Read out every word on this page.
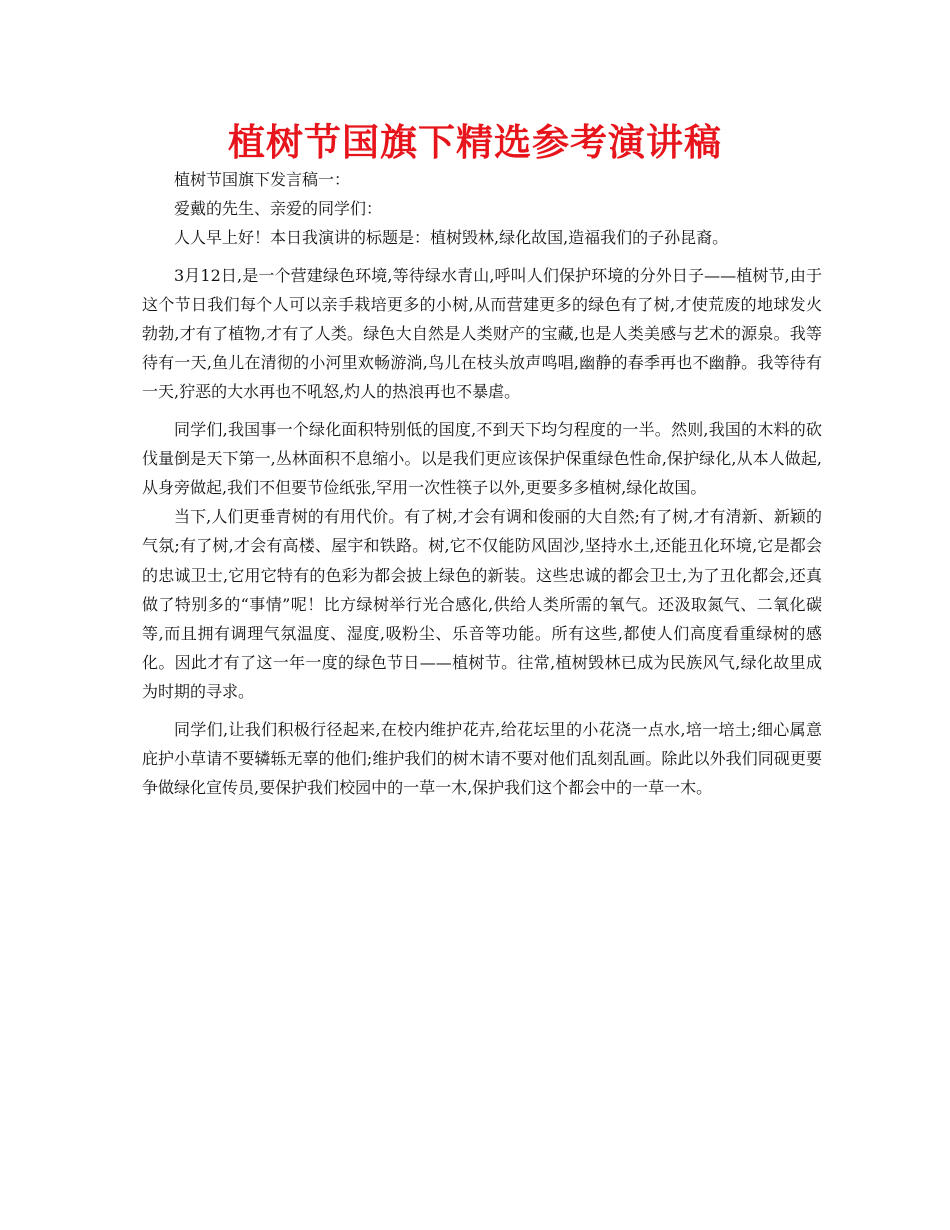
植树节国旗下精选参考演讲稿

植树节国旗下发言稿一：

爱戴的先生、亲爱的同学们：

人人早上好！本日我演讲的标题是：植树毁林,绿化故国,造福我们的子孙昆裔。

3月12日,是一个营建绿色环境,等待绿水青山,呼叫人们保护环境的分外日子——植树节,由于这个节日我们每个人可以亲手栽培更多的小树,从而营建更多的绿色有了树,才使荒废的地球发火勃勃,才有了植物,才有了人类。绿色大自然是人类财产的宝藏,也是人类美感与艺术的源泉。我等待有一天,鱼儿在清彻的小河里欢畅游淌,鸟儿在枝头放声鸣唱,幽静的春季再也不幽静。我等待有一天,狞恶的大水再也不吼怒,灼人的热浪再也不暴虐。

同学们,我国事一个绿化面积特别低的国度,不到天下均匀程度的一半。然则,我国的木料的砍伐量倒是天下第一,丛林面积不息缩小。以是我们更应该保护保重绿色性命,保护绿化,从本人做起,从身旁做起,我们不但要节俭纸张,罕用一次性筷子以外,更要多多植树,绿化故国。

当下,人们更垂青树的有用代价。有了树,才会有调和俊丽的大自然;有了树,才有清新、新颖的气氛;有了树,才会有高楼、屋宇和铁路。树,它不仅能防风固沙,坚持水土,还能丑化环境,它是都会的忠诚卫士,它用它特有的色彩为都会披上绿色的新装。这些忠诚的都会卫士,为了丑化都会,还真做了特别多的“事情”呢！比方绿树举行光合感化,供给人类所需的氧气。还汲取氮气、二氧化碳等,而且拥有调理气氛温度、湿度,吸粉尘、乐音等功能。所有这些,都使人们高度看重绿树的感化。因此才有了这一年一度的绿色节日——植树节。往常,植树毁林已成为民族风气,绿化故里成为时期的寻求。

同学们,让我们积极行径起来,在校内维护花卉,给花坛里的小花浇一点水,培一培土;细心属意庇护小草请不要辚轹无辜的他们;维护我们的树木请不要对他们乱刻乱画。除此以外我们同砚更要争做绿化宣传员,要保护我们校园中的一草一木,保护我们这个都会中的一草一木。
